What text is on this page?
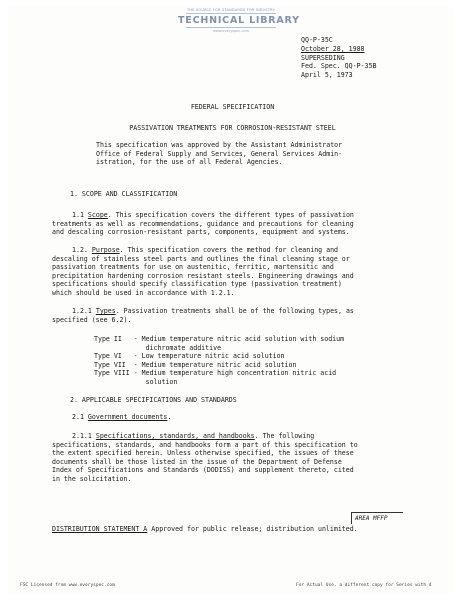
THE SOURCE FOR STANDARDS FOR INDUSTRY
TECHNICAL LIBRARY
www.everyspec.com
QQ-P-35C
October 28, 1988
SUPERSEDING
Fed. Spec. QQ-P-35B
April 5, 1973
FEDERAL SPECIFICATION
PASSIVATION TREATMENTS FOR CORROSION-RESISTANT STEEL
This specification was approved by the Assistant Administrator
Office of Federal Supply and Services, General Services Admin-
istration, for the use of all Federal Agencies.
1. SCOPE AND CLASSIFICATION
1.1 Scope. This specification covers the different types of passivation
treatments as well as recommendations, guidance and precautions for cleaning
and descaling corrosion-resistant parts, components, equipment and systems.
1.2. Purpose. This specification covers the method for cleaning and
descaling of stainless steel parts and outlines the final cleaning stage or
passivation treatments for use on austenitic, ferritic, martensitic and
precipitation hardening corrosion resistant steels. Engineering drawings and
specifications should specify classification type (passivation treatment)
which should be used in accordance with 1.2.1.
1.2.1 Types. Passivation treatments shall be of the following types, as
specified (see 6.2).
Type II   - Medium temperature nitric acid solution with sodium
dichromate additive
Type VI   - Low temperature nitric acid solution
Type VII  - Medium temperature nitric acid solution
Type VIII - Medium temperature high concentration nitric acid
solution
2. APPLICABLE SPECIFICATIONS AND STANDARDS
2.1 Government documents.
2.1.1 Specifications, standards, and handbooks. The following
specifications, standards, and handbooks form a part of this specification to
the extent specified herein. Unless otherwise specified, the issues of these
documents shall be those listed in the issue of the Department of Defense
Index of Specifications and Standards (DODISS) and supplement thereto, cited
in the solicitation.
AREA MFFP
DISTRIBUTION STATEMENT A Approved for public release; distribution unlimited.
FSC Licensed from www.everyspec.com	For Actual Use, a different copy for Series with 4
